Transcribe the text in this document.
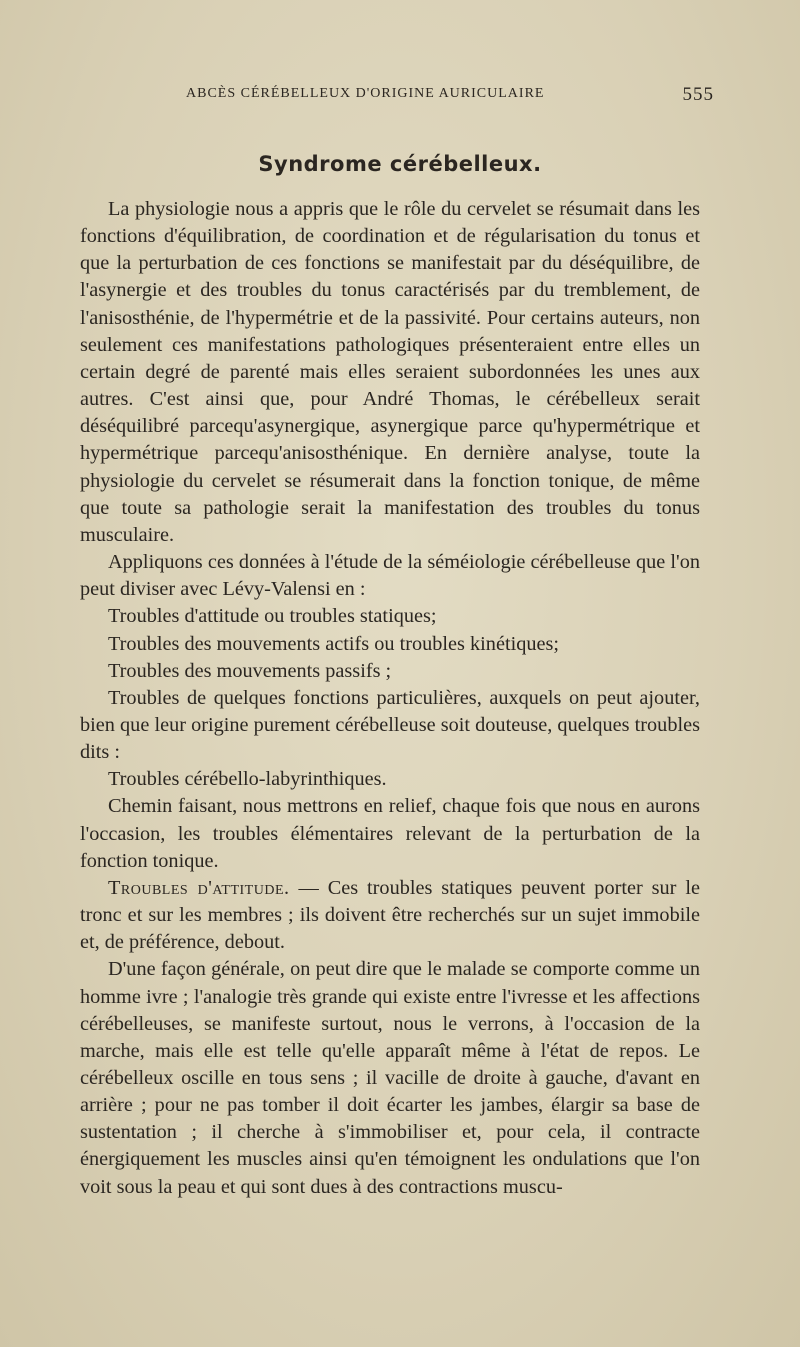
ABCÈS CÉRÉBELLEUX D'ORIGINE AURICULAIRE	555
Syndrome cérébelleux.

La physiologie nous a appris que le rôle du cervelet se résumait dans les fonctions d'équilibration, de coordination et de régularisation du tonus et que la perturbation de ces fonctions se manifestait par du déséquilibre, de l'asynergie et des troubles du tonus caractérisés par du tremblement, de l'anisosthénie, de l'hypermétrie et de la passivité. Pour certains auteurs, non seulement ces manifestations pathologiques présenteraient entre elles un certain degré de parenté mais elles seraient subordonnées les unes aux autres. C'est ainsi que, pour André Thomas, le cérébelleux serait déséquilibré parcequ'asynergique, asynergique parce qu'hypermétrique et hypermétrique parcequ'anisosthénique. En dernière analyse, toute la physiologie du cervelet se résumerait dans la fonction tonique, de même que toute sa pathologie serait la manifestation des troubles du tonus musculaire.

Appliquons ces données à l'étude de la séméiologie cérébelleuse que l'on peut diviser avec Lévy-Valensi en :

Troubles d'attitude ou troubles statiques;

Troubles des mouvements actifs ou troubles kinétiques;

Troubles des mouvements passifs ;

Troubles de quelques fonctions particulières, auxquels on peut ajouter, bien que leur origine purement cérébelleuse soit douteuse, quelques troubles dits :

Troubles cérébello-labyrinthiques.

Chemin faisant, nous mettrons en relief, chaque fois que nous en aurons l'occasion, les troubles élémentaires relevant de la perturbation de la fonction tonique.

Troubles d'attitude. — Ces troubles statiques peuvent porter sur le tronc et sur les membres ; ils doivent être recherchés sur un sujet immobile et, de préférence, debout.

D'une façon générale, on peut dire que le malade se comporte comme un homme ivre ; l'analogie très grande qui existe entre l'ivresse et les affections cérébelleuses, se manifeste surtout, nous le verrons, à l'occasion de la marche, mais elle est telle qu'elle apparaît même à l'état de repos. Le cérébelleux oscille en tous sens ; il vacille de droite à gauche, d'avant en arrière ; pour ne pas tomber il doit écarter les jambes, élargir sa base de sustentation ; il cherche à s'immobiliser et, pour cela, il contracte énergiquement les muscles ainsi qu'en témoignent les ondulations que l'on voit sous la peau et qui sont dues à des contractions muscu-
